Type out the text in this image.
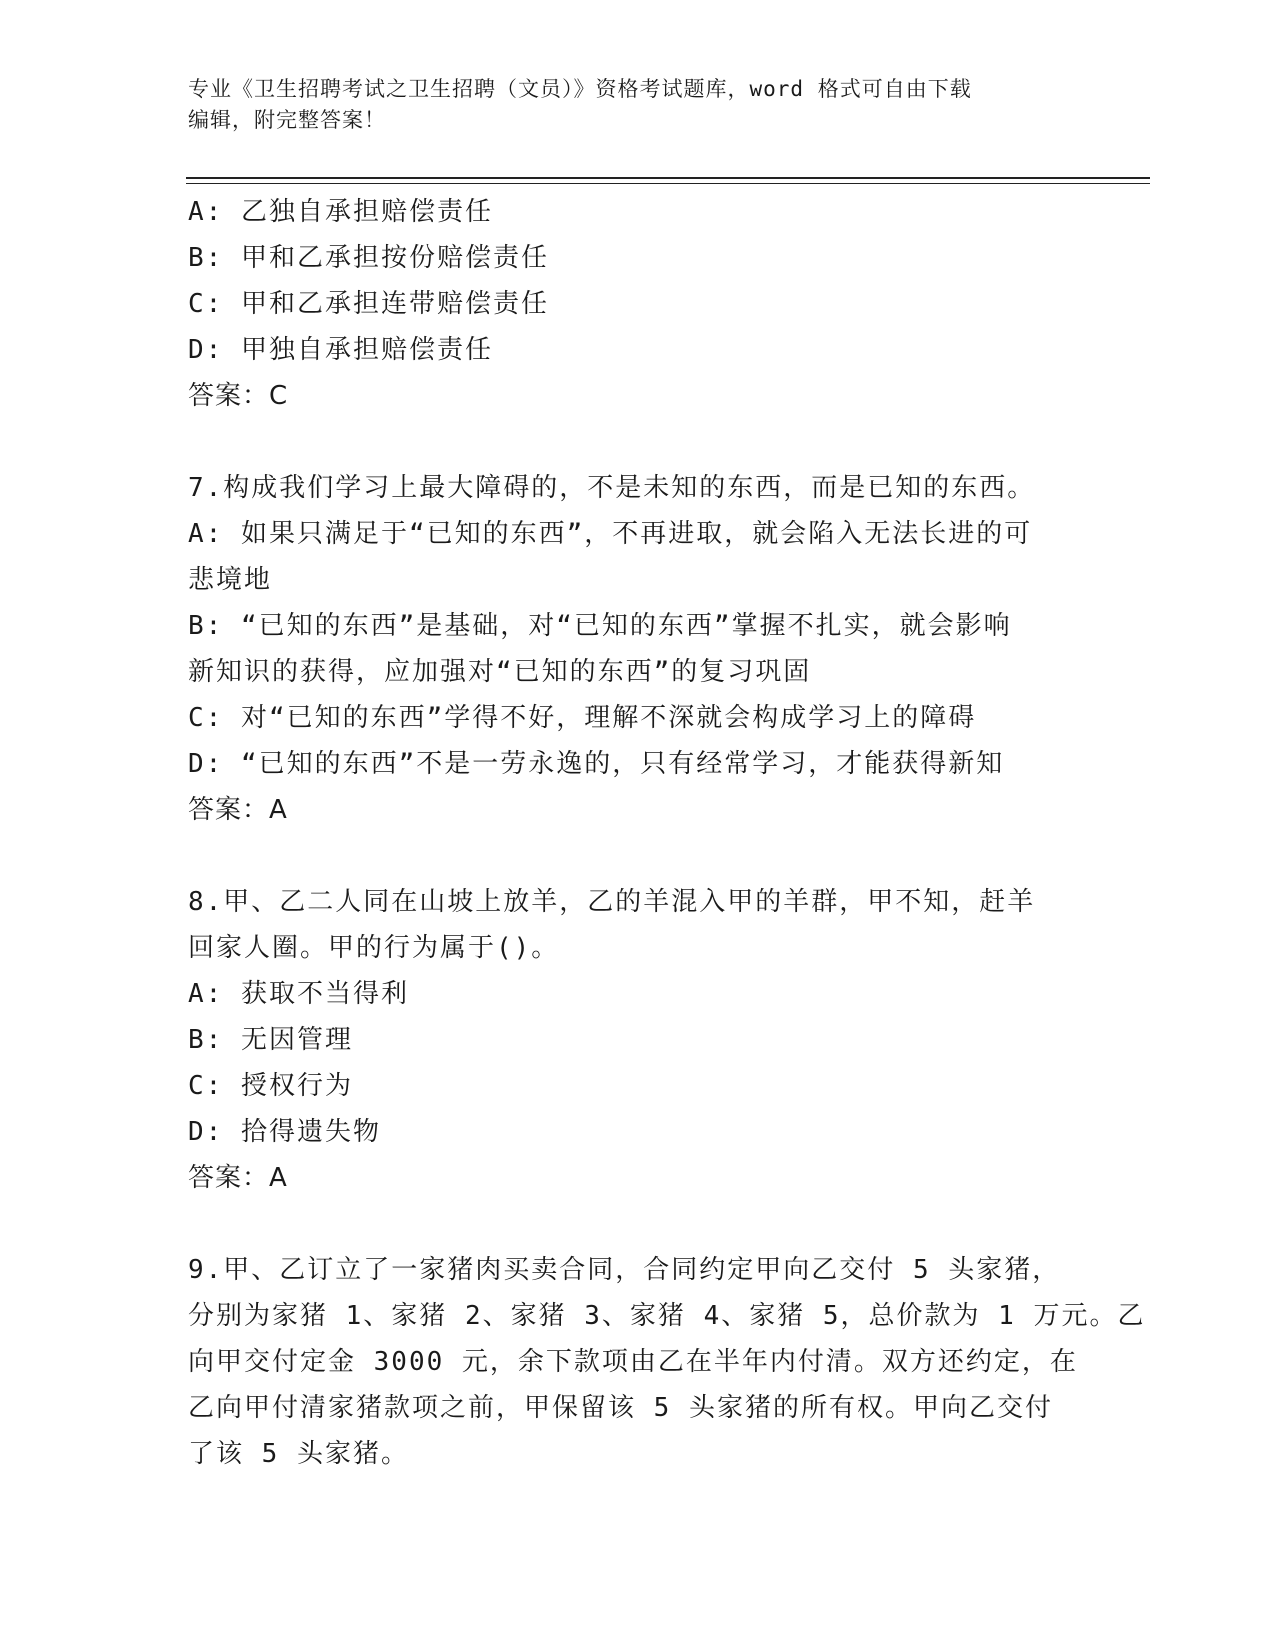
专业《卫生招聘考试之卫生招聘（文员）》资格考试题库，word 格式可自由下载
编辑，附完整答案！
A: 乙独自承担赔偿责任
B: 甲和乙承担按份赔偿责任
C: 甲和乙承担连带赔偿责任
D: 甲独自承担赔偿责任
答案：C
7.构成我们学习上最大障碍的，不是未知的东西，而是已知的东西。
A: 如果只满足于“已知的东西”，不再进取，就会陷入无法长进的可
悲境地
B: “已知的东西”是基础，对“已知的东西”掌握不扎实，就会影响
新知识的获得，应加强对“已知的东西”的复习巩固
C: 对“已知的东西”学得不好，理解不深就会构成学习上的障碍
D: “已知的东西”不是一劳永逸的，只有经常学习，才能获得新知
答案：A
8.甲、乙二人同在山坡上放羊，乙的羊混入甲的羊群，甲不知，赶羊
回家人圈。甲的行为属于()。
A: 获取不当得利
B: 无因管理
C: 授权行为
D: 拾得遗失物
答案：A
9.甲、乙订立了一家猪肉买卖合同，合同约定甲向乙交付 5 头家猪，
分别为家猪 1、家猪 2、家猪 3、家猪 4、家猪 5，总价款为 1 万元。乙
向甲交付定金 3000 元，余下款项由乙在半年内付清。双方还约定，在
乙向甲付清家猪款项之前，甲保留该 5 头家猪的所有权。甲向乙交付
了该 5 头家猪。
